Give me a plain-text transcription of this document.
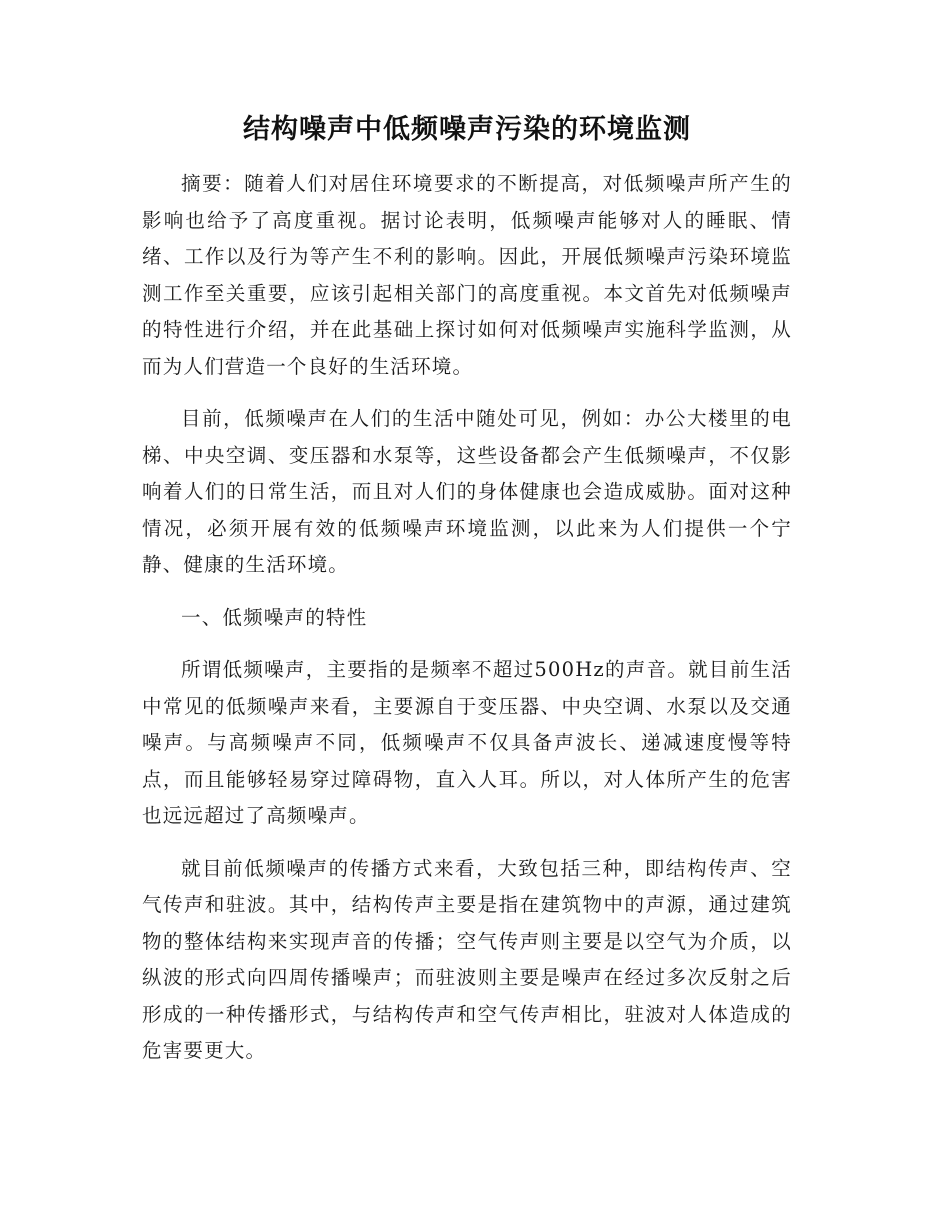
结构噪声中低频噪声污染的环境监测

摘要：随着人们对居住环境要求的不断提高，对低频噪声所产生的影响也给予了高度重视。据讨论表明，低频噪声能够对人的睡眠、情绪、工作以及行为等产生不利的影响。因此，开展低频噪声污染环境监测工作至关重要，应该引起相关部门的高度重视。本文首先对低频噪声的特性进行介绍，并在此基础上探讨如何对低频噪声实施科学监测，从而为人们营造一个良好的生活环境。

目前，低频噪声在人们的生活中随处可见，例如：办公大楼里的电梯、中央空调、变压器和水泵等，这些设备都会产生低频噪声，不仅影响着人们的日常生活，而且对人们的身体健康也会造成威胁。面对这种情况，必须开展有效的低频噪声环境监测，以此来为人们提供一个宁静、健康的生活环境。

一、低频噪声的特性

所谓低频噪声，主要指的是频率不超过500Hz的声音。就目前生活中常见的低频噪声来看，主要源自于变压器、中央空调、水泵以及交通噪声。与高频噪声不同，低频噪声不仅具备声波长、递减速度慢等特点，而且能够轻易穿过障碍物，直入人耳。所以，对人体所产生的危害也远远超过了高频噪声。

就目前低频噪声的传播方式来看，大致包括三种，即结构传声、空气传声和驻波。其中，结构传声主要是指在建筑物中的声源，通过建筑物的整体结构来实现声音的传播；空气传声则主要是以空气为介质，以纵波的形式向四周传播噪声；而驻波则主要是噪声在经过多次反射之后形成的一种传播形式，与结构传声和空气传声相比，驻波对人体造成的危害要更大。
